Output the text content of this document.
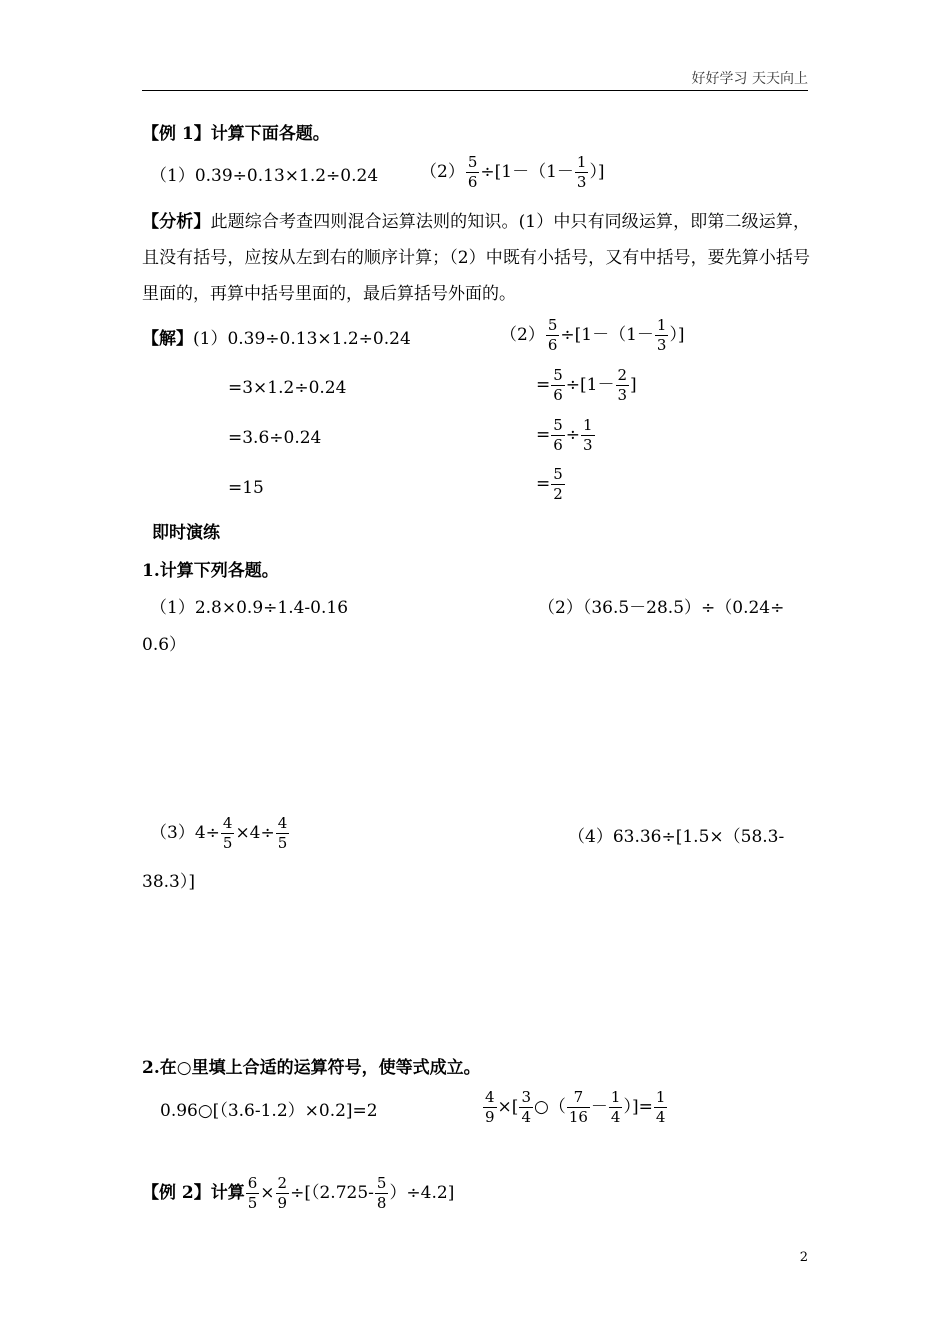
好好学习 天天向上
【例 1】计算下面各题。
（1）0.39÷0.13×1.2÷0.24 $(2) \frac{5}{6} \div[1-(1- \frac{1}{3}$ ）]
【分析】此题综合考查四则混合运算法则的知识。(1）中只有同级运算，即第二级运算，且没有括号，应按从左到右的顺序计算；（2）中既有小括号，又有中括号，要先算小括号里面的，再算中括号里面的，最后算括号外面的。
【解】(1）0.39÷0.13×1.2÷0.24
=3×1.2÷0.24
=3.6÷0.24
=15
$(2) \frac{5}{6} \div[1-(1- \frac{1}{3}$ ）]
= $\frac{5}{6} \div[1- \frac{2}{3}$ ]
= $\frac{5}{6} \div \frac{1}{3}$
= $\frac{5}{2}$
即时演练
1.计算下列各题。
（1）2.8×0.9÷1.4-0.16	（2）（36.5－28.5）÷（0.24÷
0.6）
$(3)4\div \frac{4}{5} \times 4\div \frac{4}{5}$	（4）63.36÷[1.5×（58.3-
38.3）]
2.在○里填上合适的运算符号，使等式成立。
0.96○[（3.6-1.2）×0.2]=2	$\frac{4}{9}$ ×[ $\frac{3}{4}$ ○（ $\frac{7}{16} - \frac{1}{4}$ ）]= $\frac{1}{4}$
【例 2】计算 $\frac{6}{5} \times \frac{2}{9} \div[(2.725- \frac{5}{8} )\div 4.2]$
2
